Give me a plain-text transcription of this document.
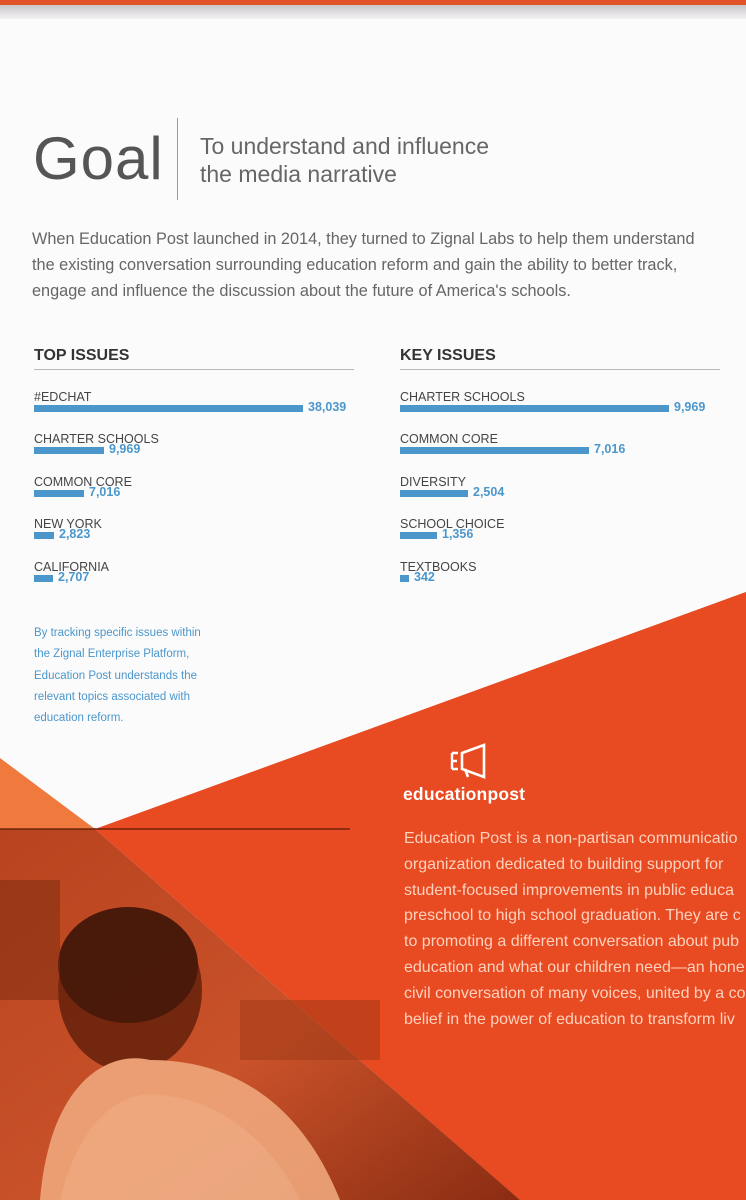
Goal To understand and influence
the media narrative
When Education Post launched in 2014, they turned to Zignal Labs to help them understand
the existing conversation surrounding education reform and gain the ability to better track,
engage and influence the discussion about the future of America's schools.
TOP ISSUES
#EDCHAT
38,039
CHARTER SCHOOLS
9,969
COMMON CORE
7,016
NEW YORK
2,823
CALIFORNIA
2,707
KEY ISSUES
CHARTER SCHOOLS
9,969
COMMON CORE
7,016
DIVERSITY
2,504
SCHOOL CHOICE
1,356
TEXTBOOKS
342
By tracking specific issues within
the Zignal Enterprise Platform,
Education Post understands the
relevant topics associated with
education reform.
educationpost
Education Post is a non-partisan communicatio
organization dedicated to building support for
student-focused improvements in public educa
preschool to high school graduation. They are c
to promoting a different conversation about pub
education and what our children need—an hone
civil conversation of many voices, united by a co
belief in the power of education to transform liv
